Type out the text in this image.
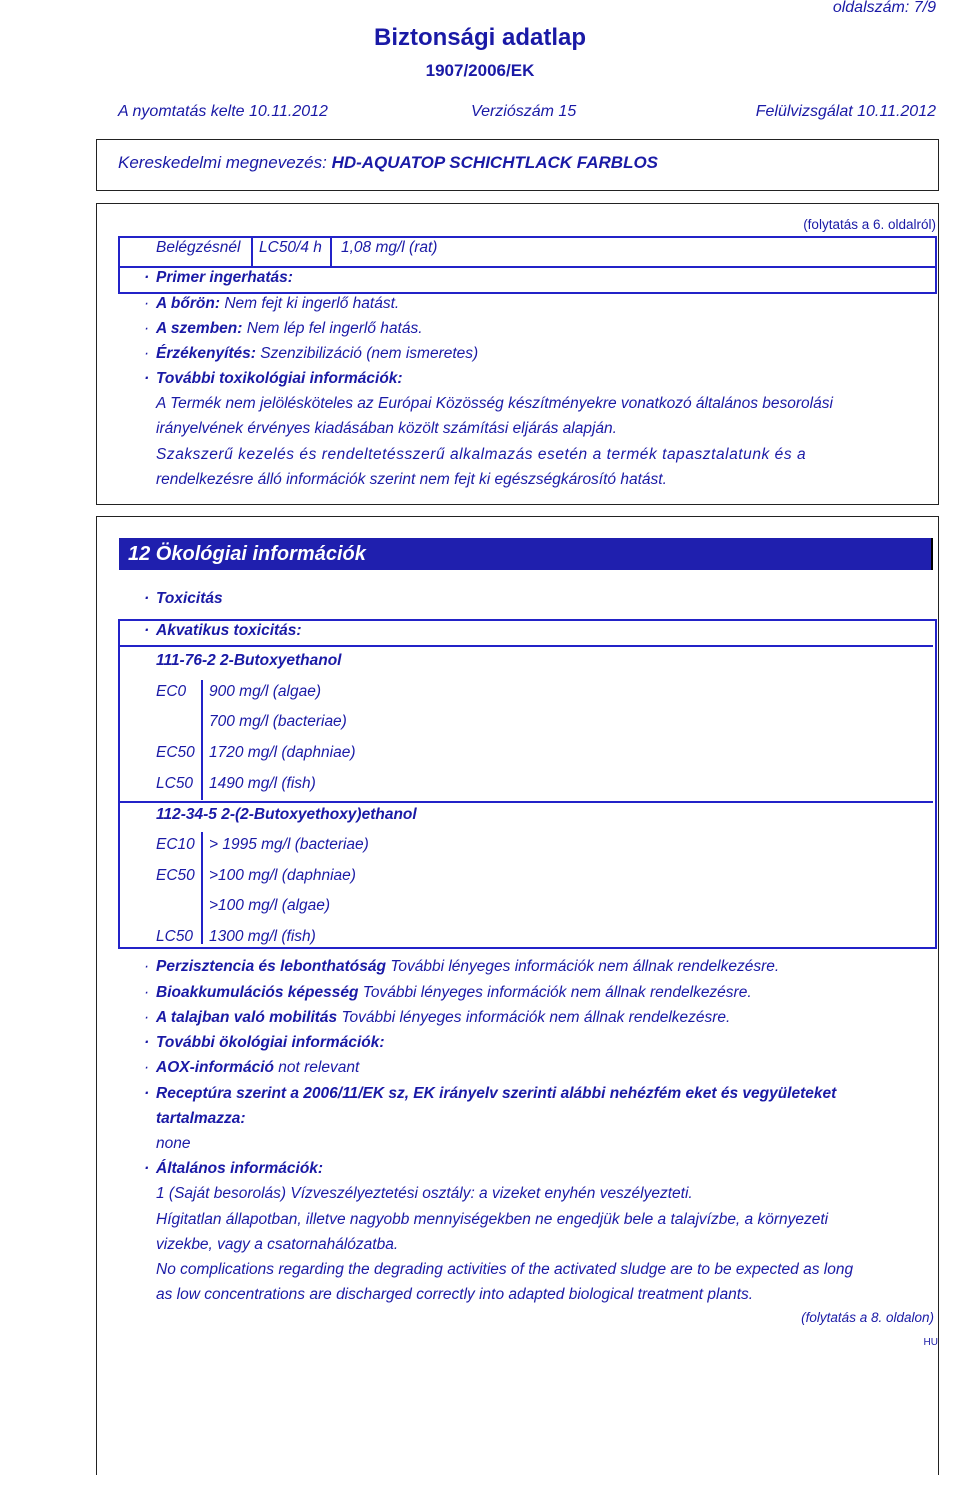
oldalszám: 7/9
Biztonsági adatlap
1907/2006/EK
A nyomtatás kelte 10.11.2012	Verziószám 15	Felülvizsgálat 10.11.2012
Kereskedelmi megnevezés: HD-AQUATOP SCHICHTLACK FARBLOS
(folytatás a 6. oldalról)
Belégzésnél LC50/4 h 1,08 mg/l (rat)
· Primer ingerhatás:
· A bőrön: Nem fejt ki ingerlő hatást.
· A szemben: Nem lép fel ingerlő hatás.
· Érzékenyítés: Szenzibilizáció (nem ismeretes)
· További toxikológiai információk:
A Termék nem jelölésköteles az Európai Közösség készítményekre vonatkozó általános besorolási
irányelvének érvényes kiadásában közölt számítási eljárás alapján.
Szakszerű kezelés és rendeltetésszerű alkalmazás esetén a termék tapasztalatunk és a
rendelkezésre álló információk szerint nem fejt ki egészségkárosító hatást.
12 Ökológiai információk
· Toxicitás
· Akvatikus toxicitás:
111-76-2 2-Butoxyethanol
EC0 900 mg/l (algae)
700 mg/l (bacteriae)
EC50 1720 mg/l (daphniae)
LC50 1490 mg/l (fish)
112-34-5 2-(2-Butoxyethoxy)ethanol
EC10 > 1995 mg/l (bacteriae)
EC50 >100 mg/l (daphniae)
>100 mg/l (algae)
LC50 1300 mg/l (fish)
· Perzisztencia és lebonthatóság További lényeges információk nem állnak rendelkezésre.
· Bioakkumulációs képesség További lényeges információk nem állnak rendelkezésre.
· A talajban való mobilitás További lényeges információk nem állnak rendelkezésre.
· További ökológiai információk:
· AOX-információ not relevant
· Receptúra szerint a 2006/11/EK sz, EK irányelv szerinti alábbi nehézfém eket és vegyületeket
tartalmazza:
none
· Általános információk:
1 (Saját besorolás) Vízveszélyeztetési osztály: a vizeket enyhén veszélyezteti.
Hígitatlan állapotban, illetve nagyobb mennyiségekben ne engedjük bele a talajvízbe, a környezeti
vizekbe, vagy a csatornahálózatba.
No complications regarding the degrading activities of the activated sludge are to be expected as long
as low concentrations are discharged correctly into adapted biological treatment plants.
(folytatás a 8. oldalon)
HU
